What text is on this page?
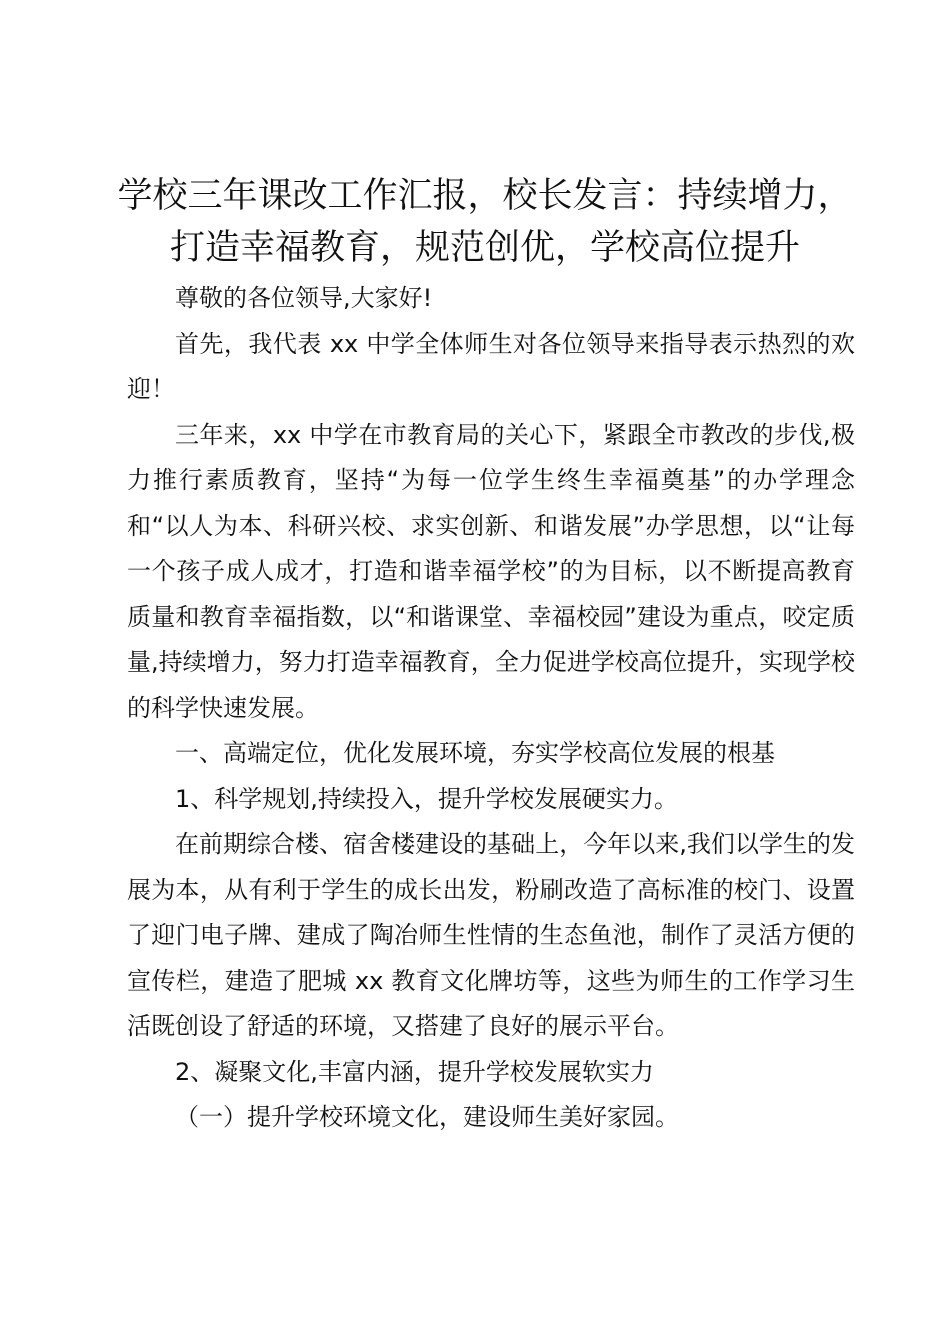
学校三年课改工作汇报，校长发言：持续增力，
打造幸福教育，规范创优，学校高位提升

尊敬的各位领导,大家好!

首先，我代表 xx 中学全体师生对各位领导来指导表示热烈的欢迎！

三年来，xx 中学在市教育局的关心下，紧跟全市教改的步伐,极力推行素质教育，坚持“为每一位学生终生幸福奠基”的办学理念和“以人为本、科研兴校、求实创新、和谐发展”办学思想，以“让每一个孩子成人成才，打造和谐幸福学校”的为目标，以不断提高教育质量和教育幸福指数，以“和谐课堂、幸福校园”建设为重点，咬定质量,持续增力，努力打造幸福教育，全力促进学校高位提升，实现学校的科学快速发展。

一、高端定位，优化发展环境，夯实学校高位发展的根基

1、科学规划,持续投入，提升学校发展硬实力。

在前期综合楼、宿舍楼建设的基础上，今年以来,我们以学生的发展为本，从有利于学生的成长出发，粉刷改造了高标准的校门、设置了迎门电子牌、建成了陶冶师生性情的生态鱼池，制作了灵活方便的宣传栏，建造了肥城 xx 教育文化牌坊等，这些为师生的工作学习生活既创设了舒适的环境，又搭建了良好的展示平台。

2、凝聚文化,丰富内涵，提升学校发展软实力

（一）提升学校环境文化，建设师生美好家园。
